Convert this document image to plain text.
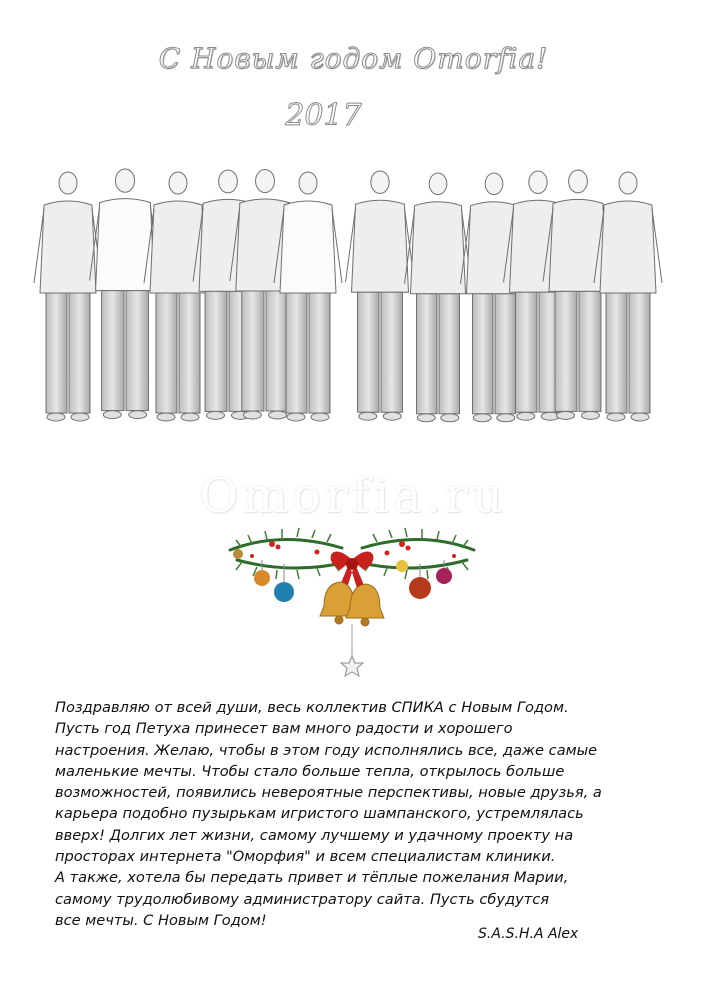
С Новым годом Omorfia!
2017
Omorfia.ru
Поздравляю от всей души, весь коллектив СПИКА с Новым Годом.
Пусть год Петуха принесет вам много радости и хорошего
настроения. Желаю, чтобы в этом году исполнялись все, даже самые
маленькие мечты. Чтобы стало больше тепла, открылось больше
возможностей, появились невероятные перспективы, новые друзья, а
карьера подобно пузырькам игристого шампанского, устремлялась
вверх! Долгих лет жизни, самому лучшему и удачному проекту на
просторах интернета "Оморфия" и всем специалистам клиники.
А также, хотела бы передать привет и тёплые пожелания Марии,
самому трудолюбивому администратору сайта. Пусть сбудутся
все мечты. С Новым Годом!
S.A.S.H.A Alex
